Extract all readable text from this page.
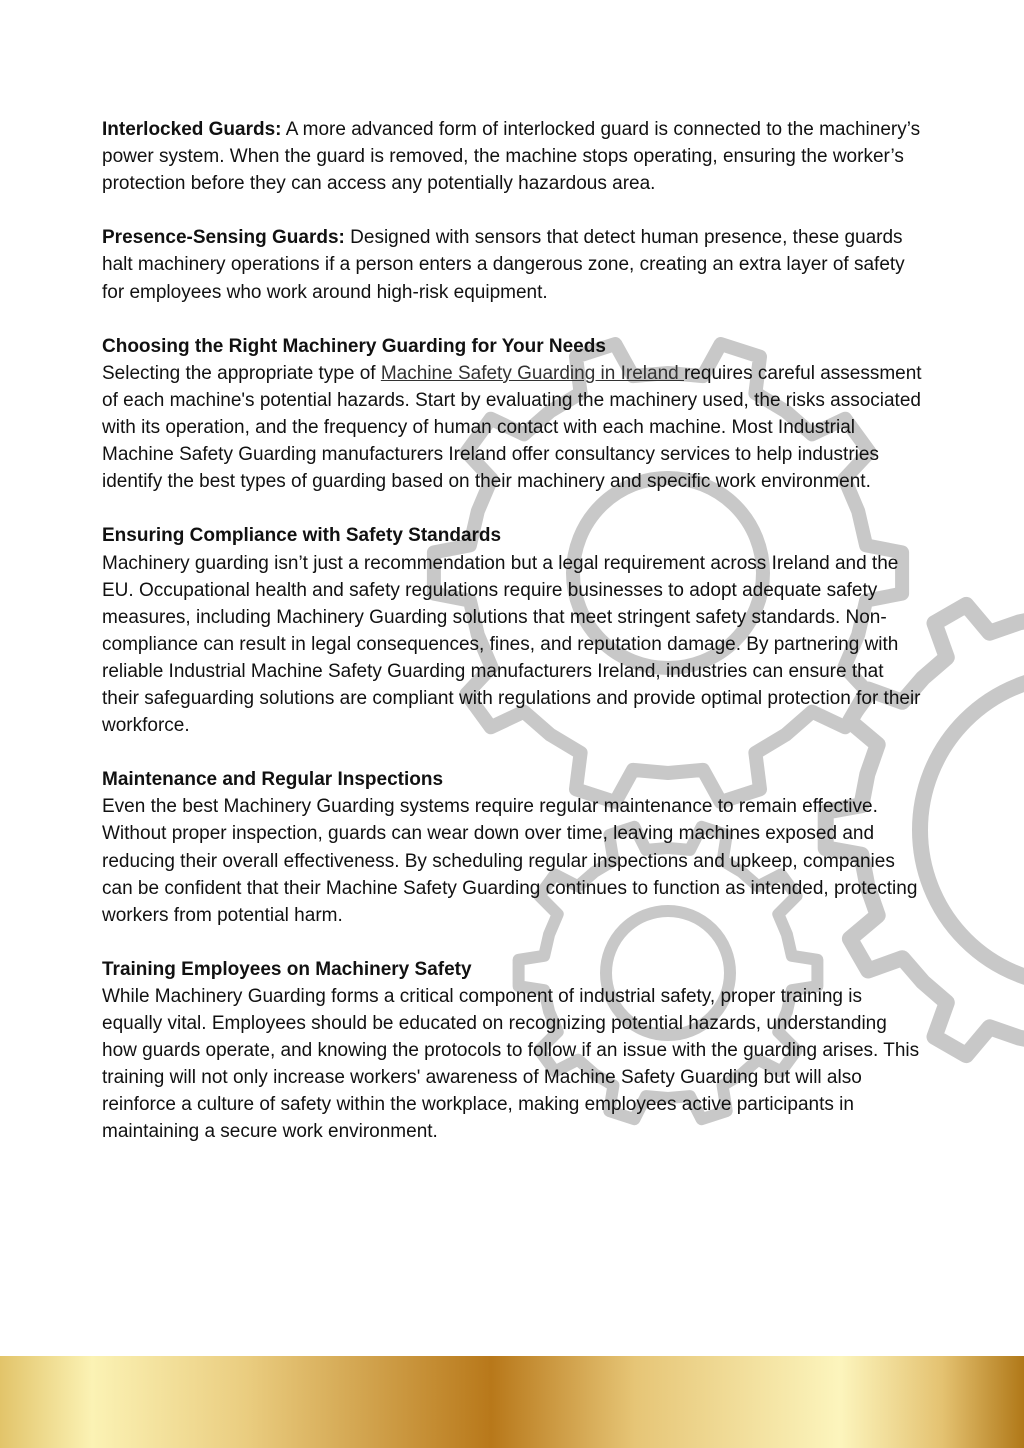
Interlocked Guards: A more advanced form of interlocked guard is connected to the machinery’s power system. When the guard is removed, the machine stops operating, ensuring the worker’s protection before they can access any potentially hazardous area.

Presence-Sensing Guards: Designed with sensors that detect human presence, these guards halt machinery operations if a person enters a dangerous zone, creating an extra layer of safety for employees who work around high-risk equipment.

Choosing the Right Machinery Guarding for Your Needs
Selecting the appropriate type of Machine Safety Guarding in Ireland requires careful assessment of each machine's potential hazards. Start by evaluating the machinery used, the risks associated with its operation, and the frequency of human contact with each machine. Most Industrial Machine Safety Guarding manufacturers Ireland offer consultancy services to help industries identify the best types of guarding based on their machinery and specific work environment.

Ensuring Compliance with Safety Standards
Machinery guarding isn’t just a recommendation but a legal requirement across Ireland and the EU. Occupational health and safety regulations require businesses to adopt adequate safety measures, including Machinery Guarding solutions that meet stringent safety standards. Non-compliance can result in legal consequences, fines, and reputation damage. By partnering with reliable Industrial Machine Safety Guarding manufacturers Ireland, industries can ensure that their safeguarding solutions are compliant with regulations and provide optimal protection for their workforce.

Maintenance and Regular Inspections
Even the best Machinery Guarding systems require regular maintenance to remain effective. Without proper inspection, guards can wear down over time, leaving machines exposed and reducing their overall effectiveness. By scheduling regular inspections and upkeep, companies can be confident that their Machine Safety Guarding continues to function as intended, protecting workers from potential harm.

Training Employees on Machinery Safety
While Machinery Guarding forms a critical component of industrial safety, proper training is equally vital. Employees should be educated on recognizing potential hazards, understanding how guards operate, and knowing the protocols to follow if an issue with the guarding arises. This training will not only increase workers' awareness of Machine Safety Guarding but will also reinforce a culture of safety within the workplace, making employees active participants in maintaining a secure work environment.
